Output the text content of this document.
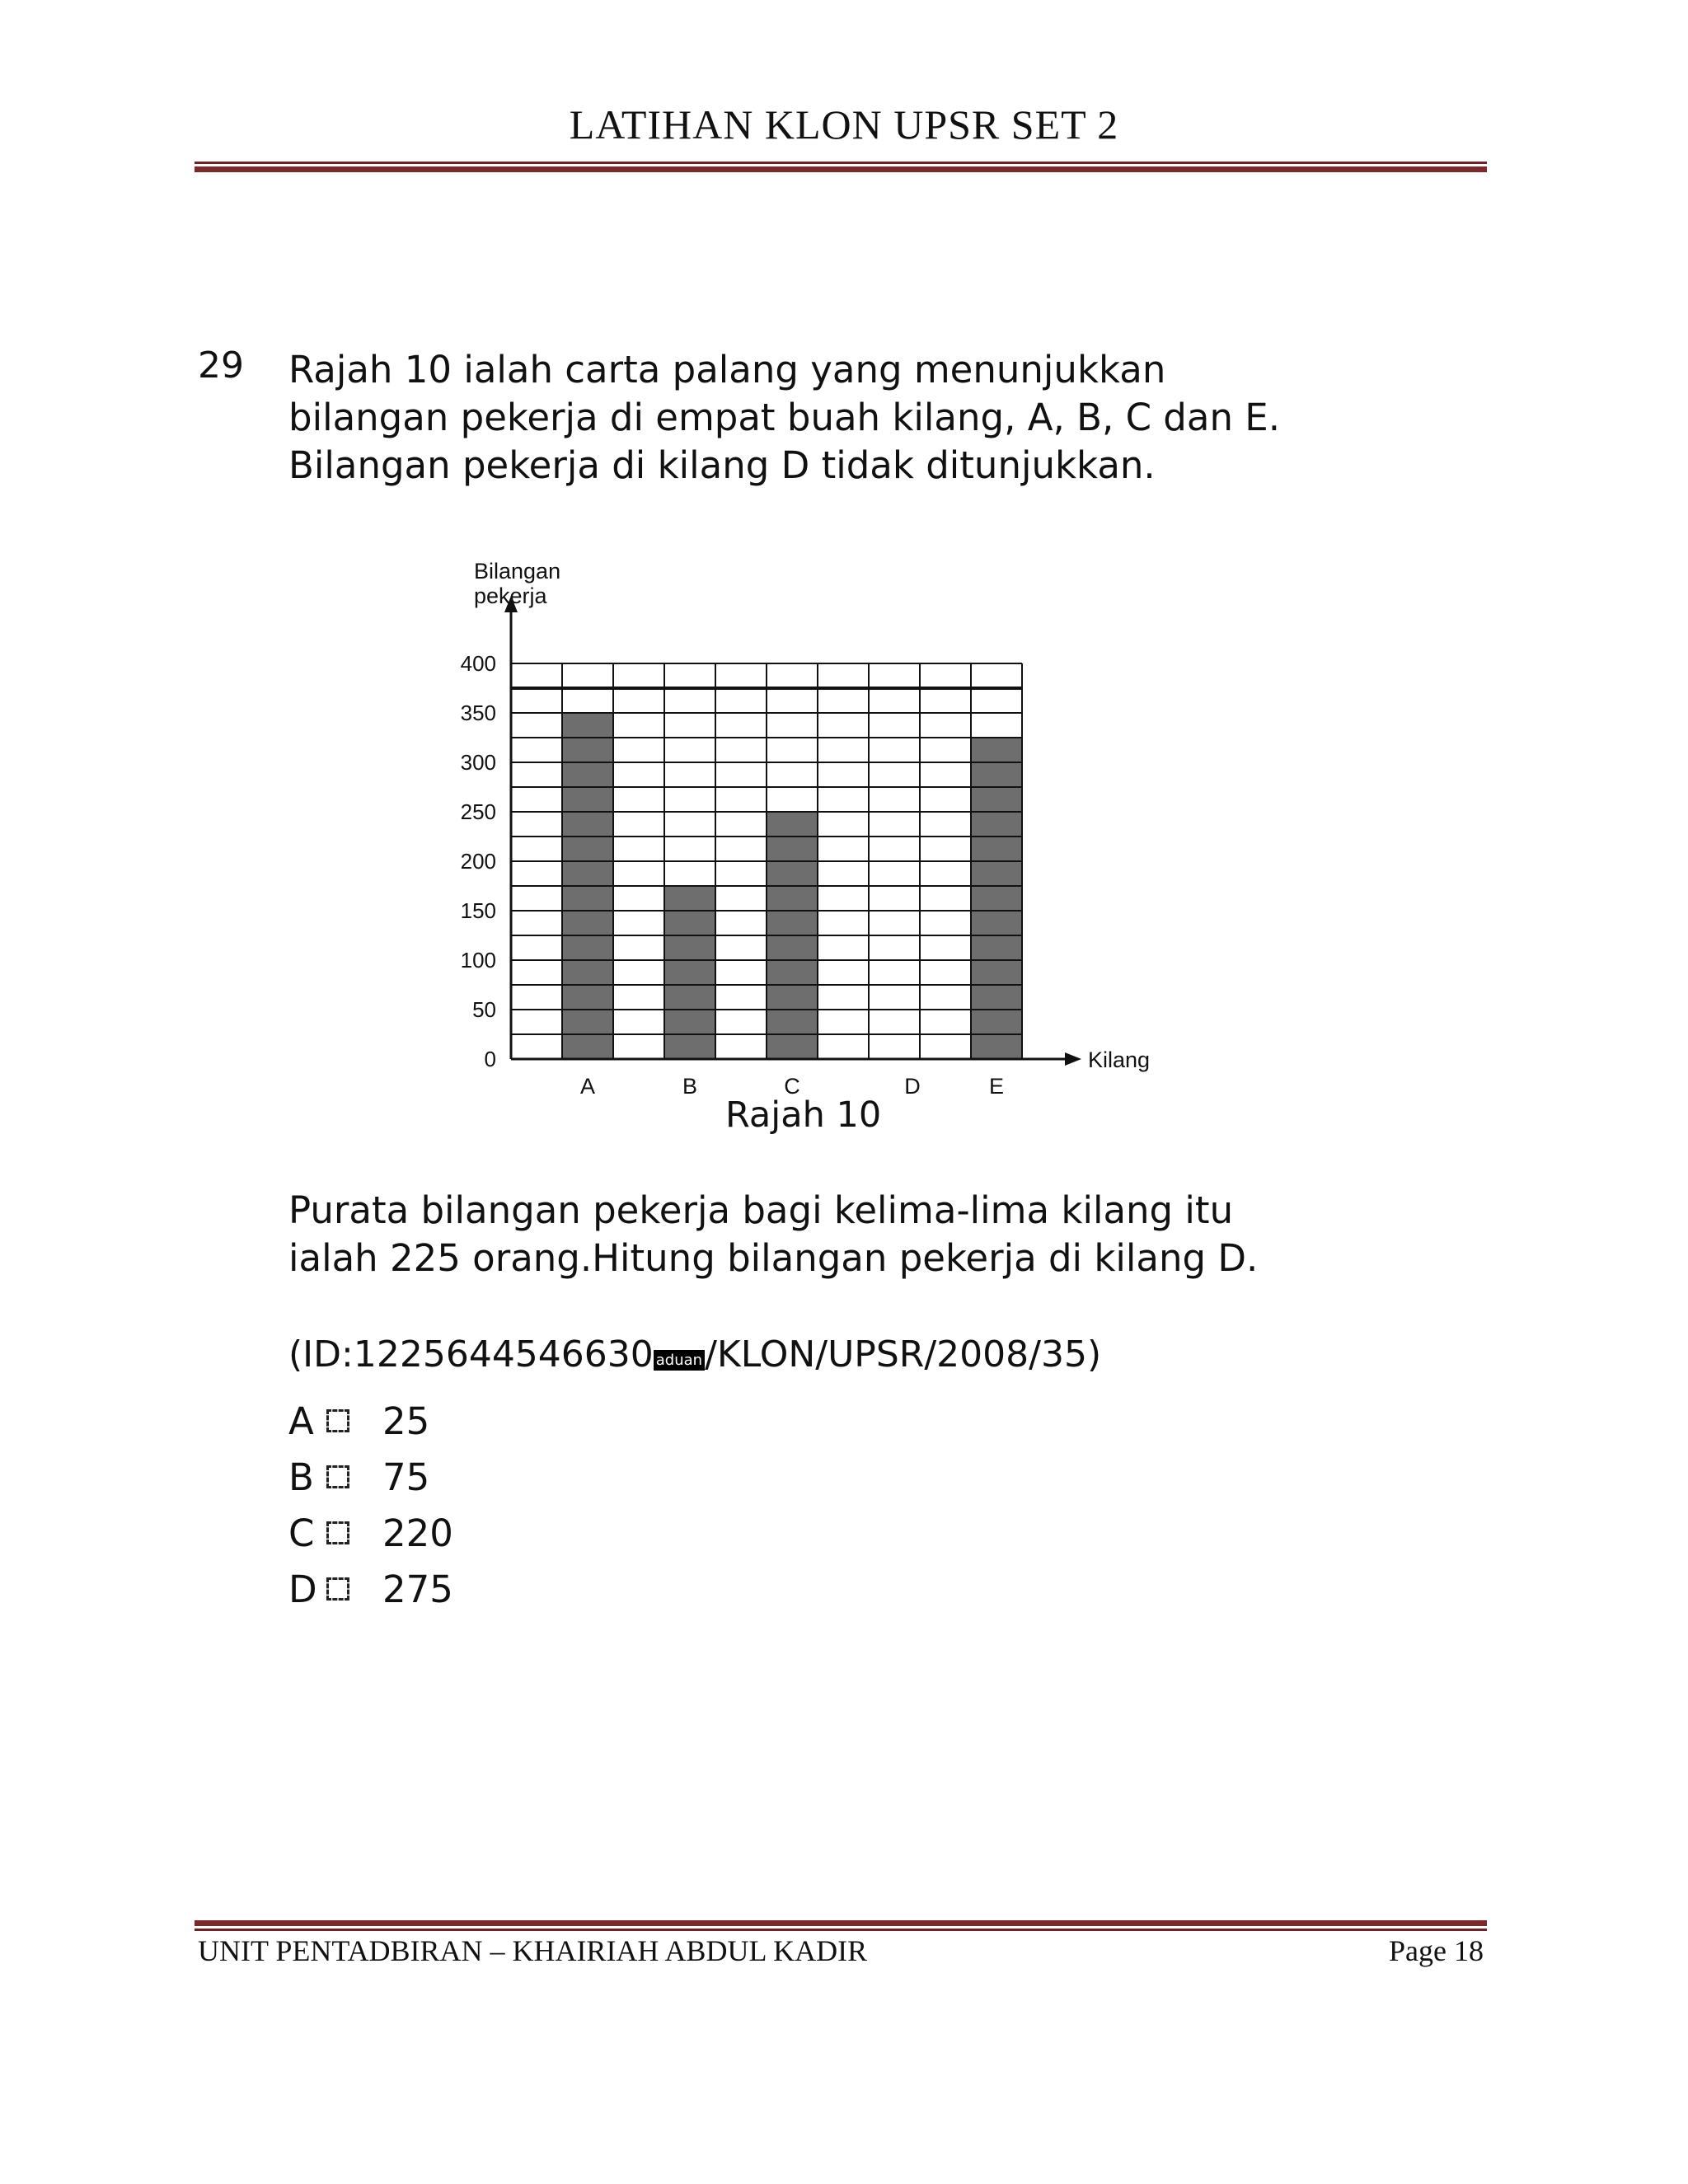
LATIHAN KLON UPSR SET 2
29 Rajah 10 ialah carta palang yang menunjukkan
bilangan pekerja di empat buah kilang, A, B, C dan E.
Bilangan pekerja di kilang D tidak ditunjukkan.
0
50
100
150
200
250
300
350
400
A	B	C	D	E
Bilangan
pekerja
Kilang
Rajah 10
Purata bilangan pekerja bagi kelima-lima kilang itu
ialah 225 orang.Hitung bilangan pekerja di kilang D.
(ID:1225644546630 aduan/KLON/UPSR/2008/35)
A	25
B	75
C	220
D 275
UNIT PENTADBIRAN – KHAIRIAH ABDUL KADIR	Page 18
